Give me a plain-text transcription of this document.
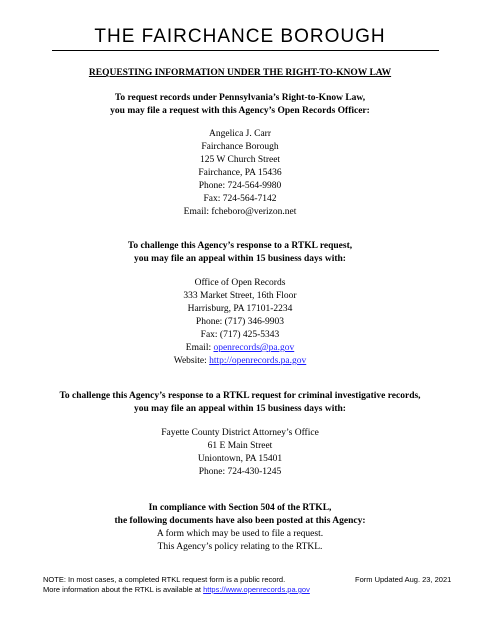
THE FAIRCHANCE BOROUGH
REQUESTING INFORMATION UNDER THE RIGHT-TO-KNOW LAW
To request records under Pennsylvania’s Right-to-Know Law,
you may file a request with this Agency’s Open Records Officer:
Angelica J. Carr
Fairchance Borough
125 W Church Street
Fairchance, PA 15436
Phone: 724-564-9980
Fax: 724-564-7142
Email: fcheboro@verizon.net
To challenge this Agency’s response to a RTKL request,
you may file an appeal within 15 business days with:
Office of Open Records
333 Market Street, 16th Floor
Harrisburg, PA 17101-2234
Phone: (717) 346-9903
Fax: (717) 425-5343
Email: openrecords@pa.gov
Website: http://openrecords.pa.gov
To challenge this Agency’s response to a RTKL request for criminal investigative records,
you may file an appeal within 15 business days with:
Fayette County District Attorney’s Office
61 E Main Street
Uniontown, PA 15401
Phone: 724-430-1245
In compliance with Section 504 of the RTKL,
the following documents have also been posted at this Agency:
A form which may be used to file a request.
This Agency’s policy relating to the RTKL.
NOTE: In most cases, a completed RTKL request form is a public record.
More information about the RTKL is available at https://www.openrecords.pa.gov
Form Updated Aug. 23, 2021
